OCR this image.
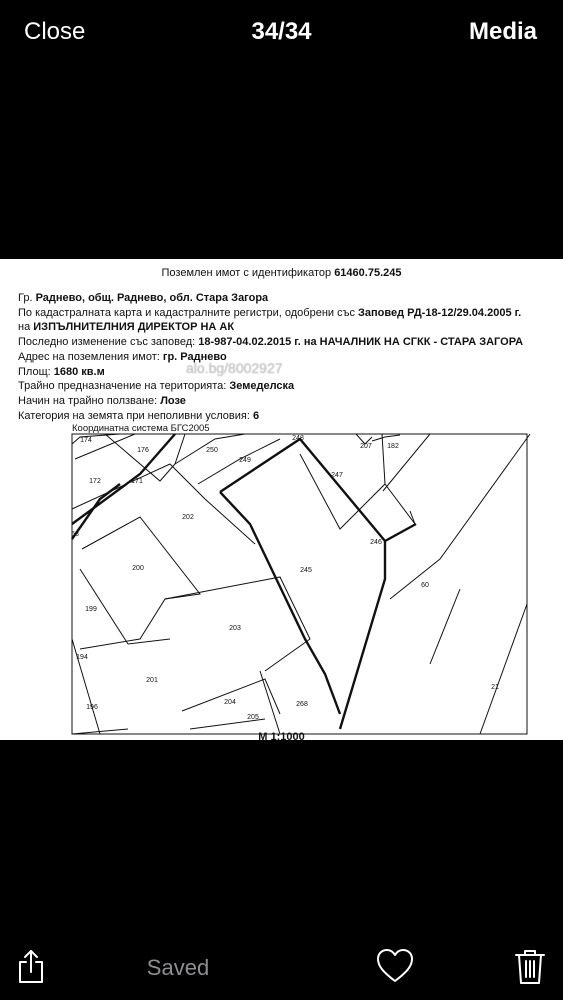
Close	34/34	Media
Поземлен имот с идентификатор 61460.75.245
Гр. Раднево, общ. Раднево, обл. Стара Загора
По кадастралната карта и кадастралните регистри, одобрени със Заповед РД-18-12/29.04.2005 г.
на ИЗПЪЛНИТЕЛНИЯ ДИРЕКТОР НА АК
Последно изменение със заповед: 18-987-04.02.2015 г. на НАЧАЛНИК НА СГКК - СТАРА ЗАГОРА
Адрес на поземления имот: гр. Раднево
Площ: 1680 кв.м
Трайно предназначение на територията: Земеделска
Начин на трайно ползване: Лозе
Категория на земята при неполивни условия: 6
Координатна система БГС2005
174
176	250
248
207 182
172	171
249
247
202
246
200	245
60
199
203
194
201
21
196
204	268
205
68
М 1:1000
alo.bg/8002927
Saved
